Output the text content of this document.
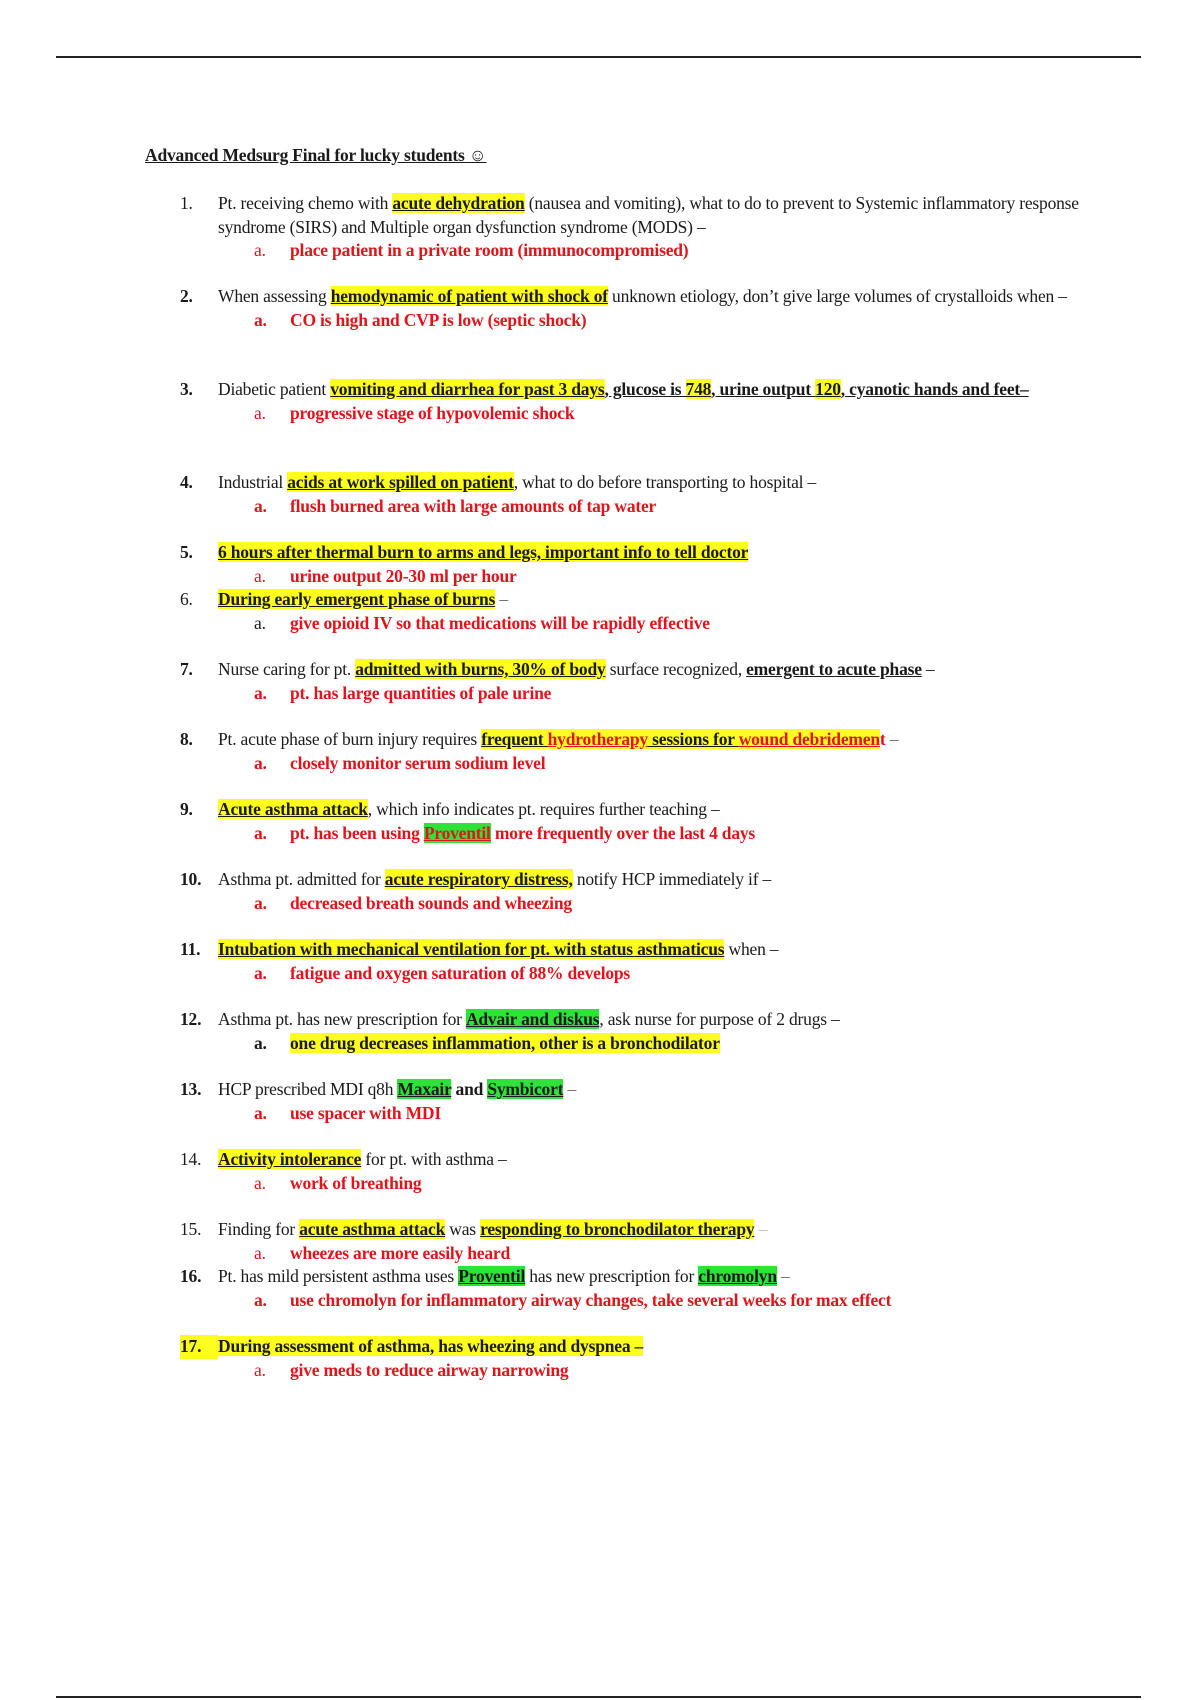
Advanced Medsurg Final for lucky students ☺
1.	Pt. receiving chemo with acute dehydration (nausea and vomiting), what to do to prevent to Systemic inflammatory response syndrome (SIRS) and Multiple organ dysfunction syndrome (MODS) –
a. place patient in a private room (immunocompromised)
2.	When assessing hemodynamic of patient with shock of unknown etiology, don’t give large volumes of crystalloids when –
a. CO is high and CVP is low (septic shock)
3.	Diabetic patient vomiting and diarrhea for past 3 days, glucose is 748, urine output 120, cyanotic hands and feet–
a. progressive stage of hypovolemic shock
4.	Industrial acids at work spilled on patient, what to do before transporting to hospital –
a. flush burned area with large amounts of tap water
5.	6 hours after thermal burn to arms and legs, important info to tell doctor
a. urine output 20-30 ml per hour
6.	During early emergent phase of burns –
a. give opioid IV so that medications will be rapidly effective
7.	Nurse caring for pt. admitted with burns, 30% of body surface recognized, emergent to acute phase –
a. pt. has large quantities of pale urine
8.	Pt. acute phase of burn injury requires frequent hydrotherapy sessions for wound debridement –
a. closely monitor serum sodium level
9.	Acute asthma attack, which info indicates pt. requires further teaching –
a. pt. has been using Proventil more frequently over the last 4 days
10. Asthma pt. admitted for acute respiratory distress, notify HCP immediately if –
a. decreased breath sounds and wheezing
11.	Intubation with mechanical ventilation for pt. with status asthmaticus when –
a. fatigue and oxygen saturation of 88% develops
12. Asthma pt. has new prescription for Advair and diskus, ask nurse for purpose of 2 drugs –
a. one drug decreases inflammation, other is a bronchodilator
13. HCP prescribed MDI q8h Maxair and Symbicort –
a. use spacer with MDI
14. Activity intolerance for pt. with asthma –
a. work of breathing
15. Finding for acute asthma attack was responding to bronchodilator therapy –
a. wheezes are more easily heard
16. Pt. has mild persistent asthma uses Proventil has new prescription for chromolyn –
a. use chromolyn for inflammatory airway changes, take several weeks for max effect
17. During assessment of asthma, has wheezing and dyspnea –
a. give meds to reduce airway narrowing
